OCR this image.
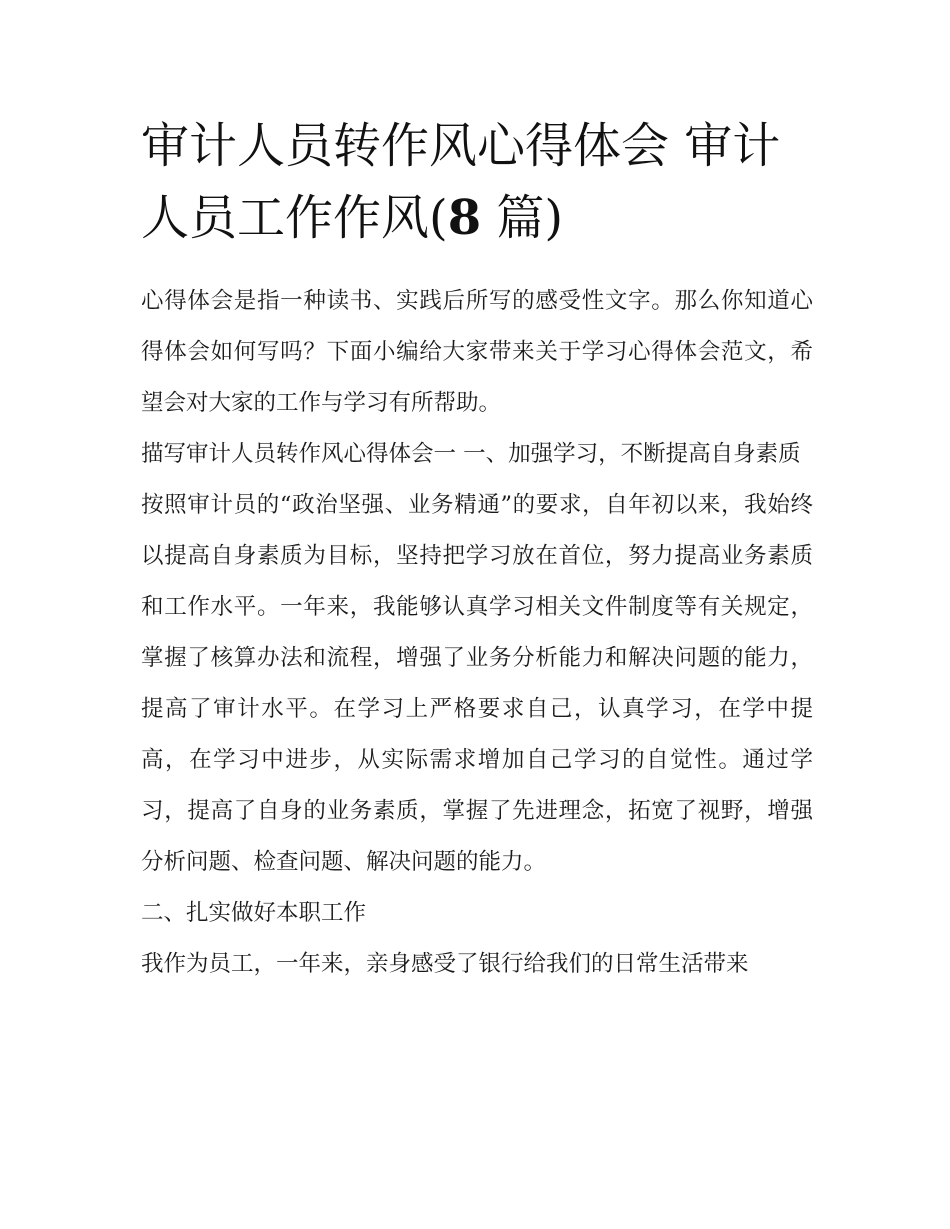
审计人员转作风心得体会 审计人员工作作风(8 篇)

心得体会是指一种读书、实践后所写的感受性文字。那么你知道心得体会如何写吗？下面小编给大家带来关于学习心得体会范文，希望会对大家的工作与学习有所帮助。

描写审计人员转作风心得体会一 一、加强学习，不断提高自身素质

按照审计员的“政治坚强、业务精通”的要求，自年初以来，我始终以提高自身素质为目标，坚持把学习放在首位，努力提高业务素质和工作水平。一年来，我能够认真学习相关文件制度等有关规定，掌握了核算办法和流程，增强了业务分析能力和解决问题的能力，提高了审计水平。在学习上严格要求自己，认真学习，在学中提高，在学习中进步，从实际需求增加自己学习的自觉性。通过学习，提高了自身的业务素质，掌握了先进理念，拓宽了视野，增强分析问题、检查问题、解决问题的能力。

二、扎实做好本职工作

我作为员工，一年来，亲身感受了银行给我们的日常生活带来
